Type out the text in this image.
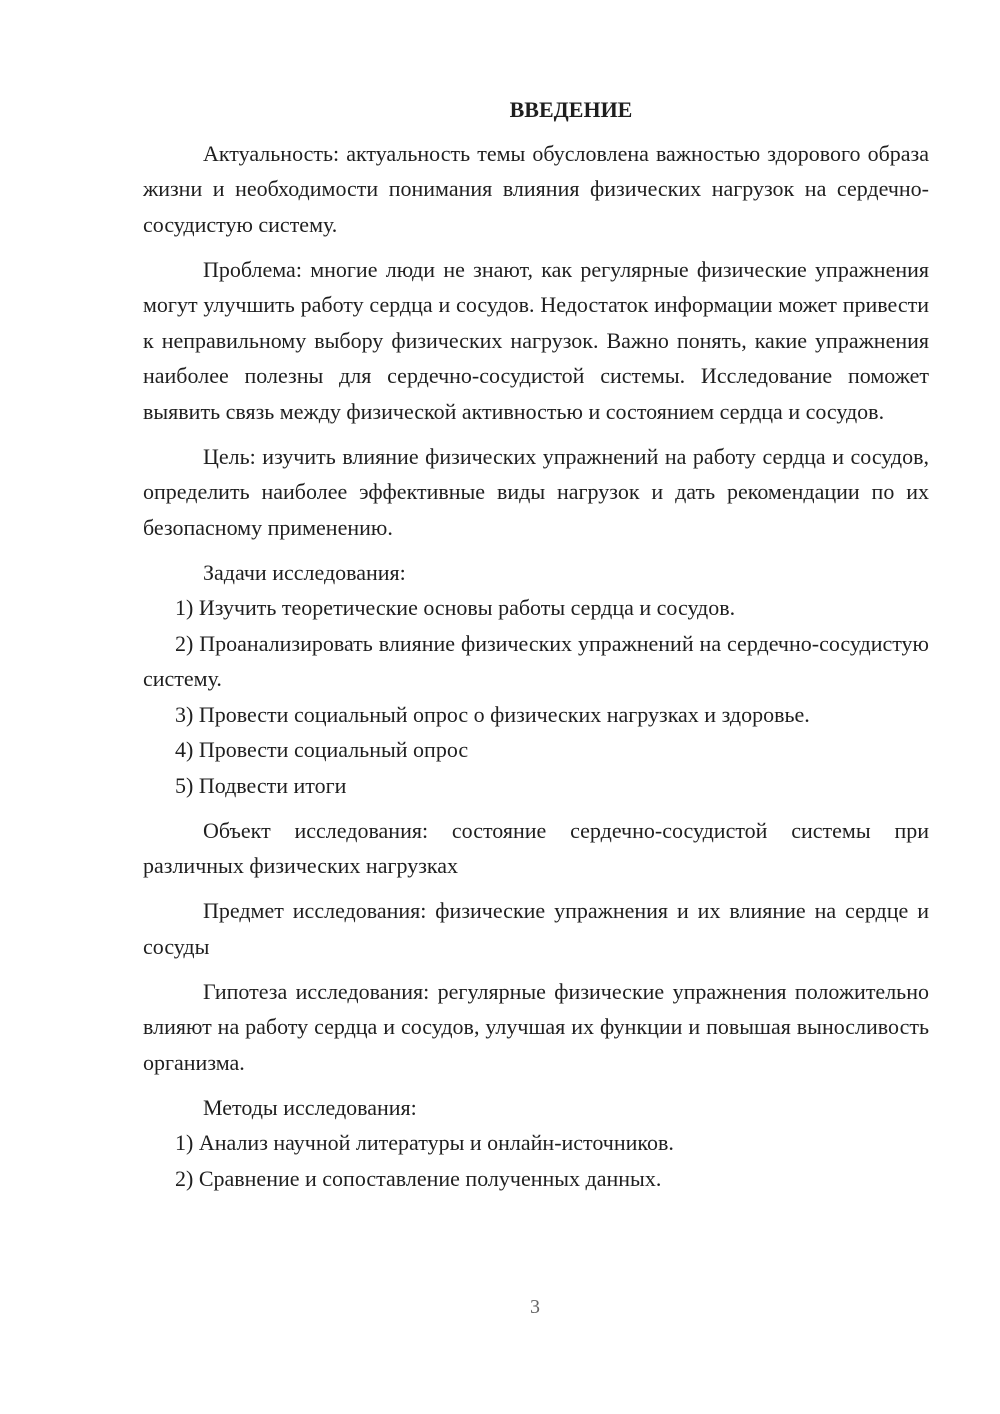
ВВЕДЕНИЕ

Актуальность: актуальность темы обусловлена важностью здорового образа жизни и необходимости понимания влияния физических нагрузок на сердечно-сосудистую систему.

Проблема: многие люди не знают, как регулярные физические упражнения могут улучшить работу сердца и сосудов. Недостаток информации может привести к неправильному выбору физических нагрузок. Важно понять, какие упражнения наиболее полезны для сердечно-сосудистой системы. Исследование поможет выявить связь между физической активностью и состоянием сердца и сосудов.

Цель: изучить влияние физических упражнений на работу сердца и сосудов, определить наиболее эффективные виды нагрузок и дать рекомендации по их безопасному применению.

Задачи исследования:

1) Изучить теоретические основы работы сердца и сосудов.

2) Проанализировать влияние физических упражнений на сердечно-сосудистую систему.

3) Провести социальный опрос о физических нагрузках и здоровье.

4) Провести социальный опрос

5) Подвести итоги

Объект исследования: состояние сердечно-сосудистой системы при различных физических нагрузках

Предмет исследования: физические упражнения и их влияние на сердце и сосуды

Гипотеза исследования: регулярные физические упражнения положительно влияют на работу сердца и сосудов, улучшая их функции и повышая выносливость организма.

Методы исследования:

1) Анализ научной литературы и онлайн-источников.

2) Сравнение и сопоставление полученных данных.

3
